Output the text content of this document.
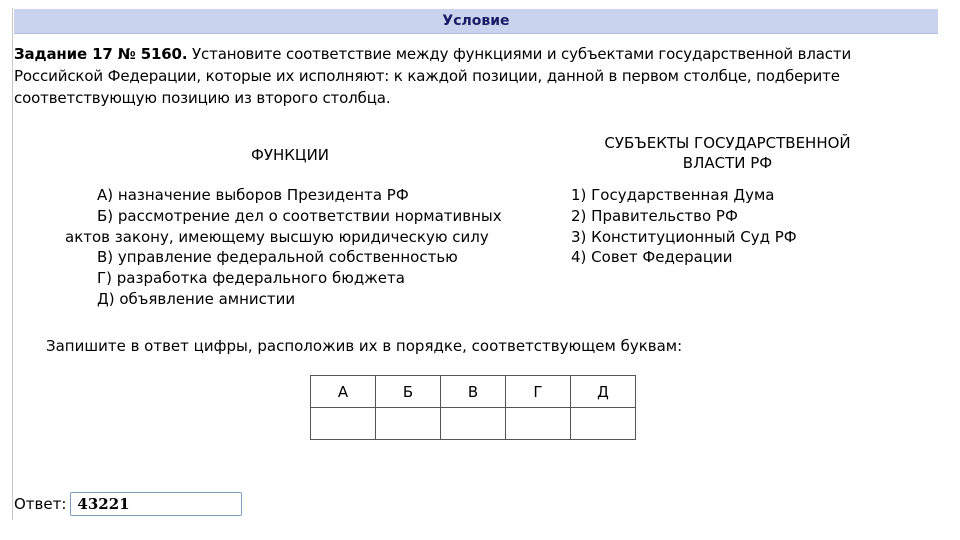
Условие
Задание 17 № 5160. Установите соответствие между функциями и субъектами государственной власти Российской Федерации, которые их исполняют: к каждой позиции, данной в первом столбце, подберите соответствующую позицию из второго столбца.
ФУНКЦИИ
СУБЪЕКТЫ ГОСУДАРСТВЕННОЙ
ВЛАСТИ РФ
А) назначение выборов Президента РФ
Б) рассмотрение дел о соответствии нормативных
актов закону, имеющему высшую юридическую силу
В) управление федеральной собственностью
Г) разработка федерального бюджета
Д) объявление амнистии
1) Государственная Дума
2) Правительство РФ
3) Конституционный Суд РФ
4) Совет Федерации
Запишите в ответ цифры, расположив их в порядке, соответствующем буквам:
А	Б	В	Г	Д

Ответ: 43221
